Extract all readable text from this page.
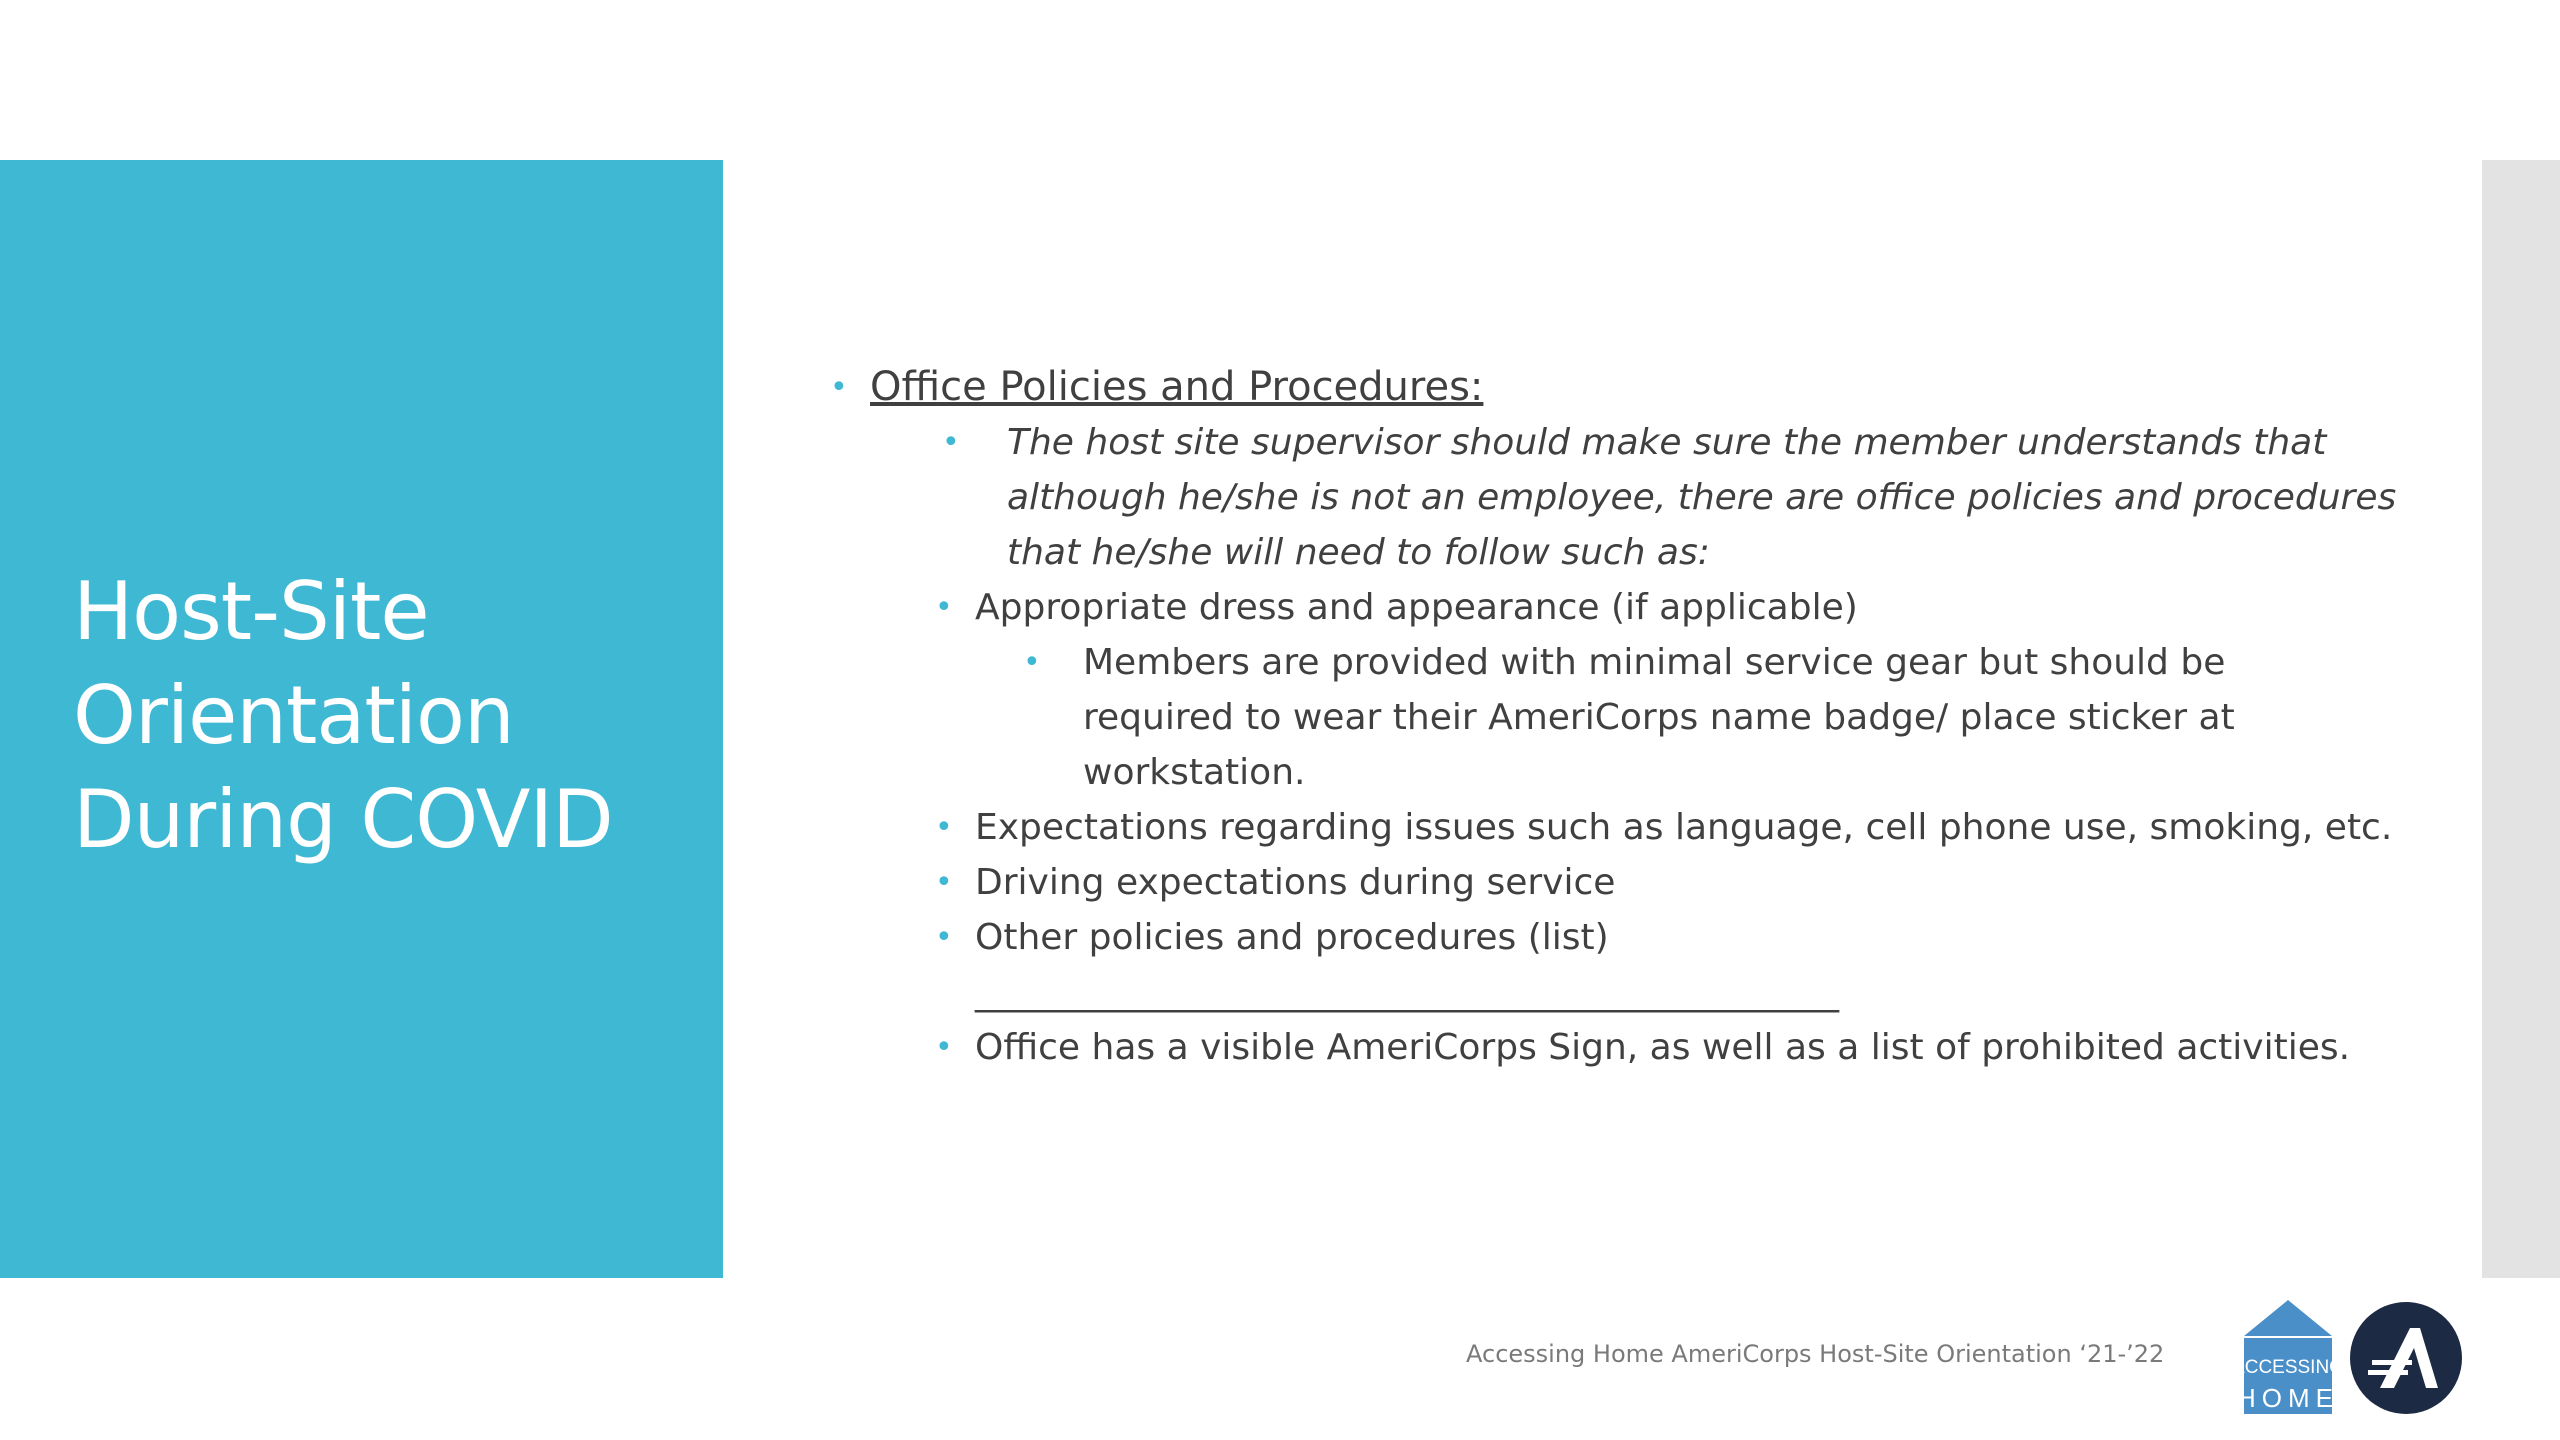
Host-Site
Orientation
During COVID
• Office Policies and Procedures:
• The host site supervisor should make sure the member understands that
although he/she is not an employee, there are office policies and procedures
that he/she will need to follow such as:
• Appropriate dress and appearance (if applicable)
• Members are provided with minimal service gear but should be
required to wear their AmeriCorps name badge/ place sticker at
workstation.
• Expectations regarding issues such as language, cell phone use, smoking, etc.
• Driving expectations during service
• Other policies and procedures (list)
________________________________________________
• Office has a visible AmeriCorps Sign, as well as a list of prohibited activities.
Accessing Home AmeriCorps Host-Site Orientation ‘21-’22	ACCESSING
HOME
